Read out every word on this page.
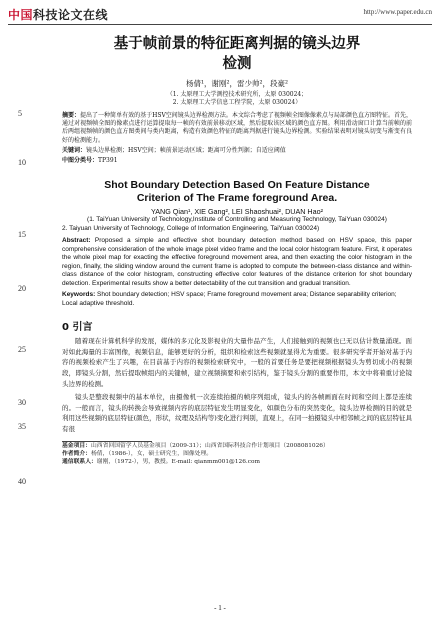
中国科技论文在线	http://www.paper.edu.cn
5
10
15
20
25
30
35
40
基于帧前景的特征距离判据的镜头边界
检测
杨倩¹，谢刚²，雷少帅²，段豪²
（1. 太原理工大学测控技术研究所，太原 030024；
2. 太原理工大学信息工程学院，太原 030024）
摘要：提出了一种简单有效的基于HSV空间镜头边界检测方法。本文综合考虑了视频帧全图像像素点与局部颜色直方图特征。首先，通过对视频帧全图的像素点进行运算提取每一帧的有效前景移动区域，然后提取该区域的颜色直方图。利用滑动窗口计算当前帧的前后两组视频帧的颜色直方图类间与类内距离，构造有效颜色特征的距离判据进行镜头边界检测。实验结果表明对镜头切变与渐变有良好的检测能力。
关键词：镜头边界检测；HSV空间；帧前景运动区域；距离可分性判据；自适应阈值
中图分类号：TP391
Shot Boundary Detection Based On Feature Distance
Criterion of The Frame foreground Area.
YANG Qian¹, XIE Gang², LEI Shaoshuai², DUAN Hao²
(1. TaiYuan University of Technology,Institute of Controlling and Measuring Technology, TaiYuan 030024)
2. Taiyuan University of Technology, College of Information Engineering, TaiYuan 030024)
Abstract: Proposed a simple and effective shot boundary detection method based on HSV space, this paper comprehensive consideration of the whole image pixel video frame and the local color histogram feature. First, it operates the whole pixel map for exacting the effective foreground movement area, and then exacting the color histogram in the region, finally, the sliding window around the current frame is adopted to compute the between-class distance and within-class distance of the color histogram, constructing effective color features of the distance criterion for shot boundary detection. Experimental results show a better detectability of the cut transition and gradual transition.
Keywords: Shot boundary detection; HSV space; Frame foreground movement area; Distance separability criterion; Local adaptive threshold.
0 引言
随着现在计算机科学的发展，媒体的多元化及影视业的大量作品产生，人们接触到的视频也已无以估计数量涌现。面对如此海量的丰富图像，视频信息，能够更好的分析，组织和检索这些视频就显得尤为重要。很多研究学者开始对基于内容的视频检索产生了兴趣，在目前基于内容的视频检索研究中，一般的首要任务是要把视频根据镜头为剪切成小的视频段，即镜头分割，然后提取帧组内的关键帧，建立视频摘要和索引结构，鉴于镜头分割的重要作用，本文中将着重讨论镜头边界的检测。
镜头是整段视频中的基本单位，由摄像机一次连续拍摄的帧序列组成，镜头内的各帧画面在时间和空间上都是连续的。一般而言，镜头的转换会导致视频内容的底层特征发生明显变化，如颜色分布的突然变化，镜头边界检测的目的就是利用这些视频的底层特征(颜色，形状，纹理及结构等)变化进行判别，直观上，在同一拍摄镜头中相邻帧之间的底层特征具有很
基金项目：山西省回国留学人员基金项目（2009-31）；山西省国际科技合作计划项目（2008081026）
作者简介：杨倩，（1986-），女，硕士研究生，图像处理。
通信联系人：谢刚，（1972-），男，教授。E-mail: qianmm001@126.com
- 1 -
